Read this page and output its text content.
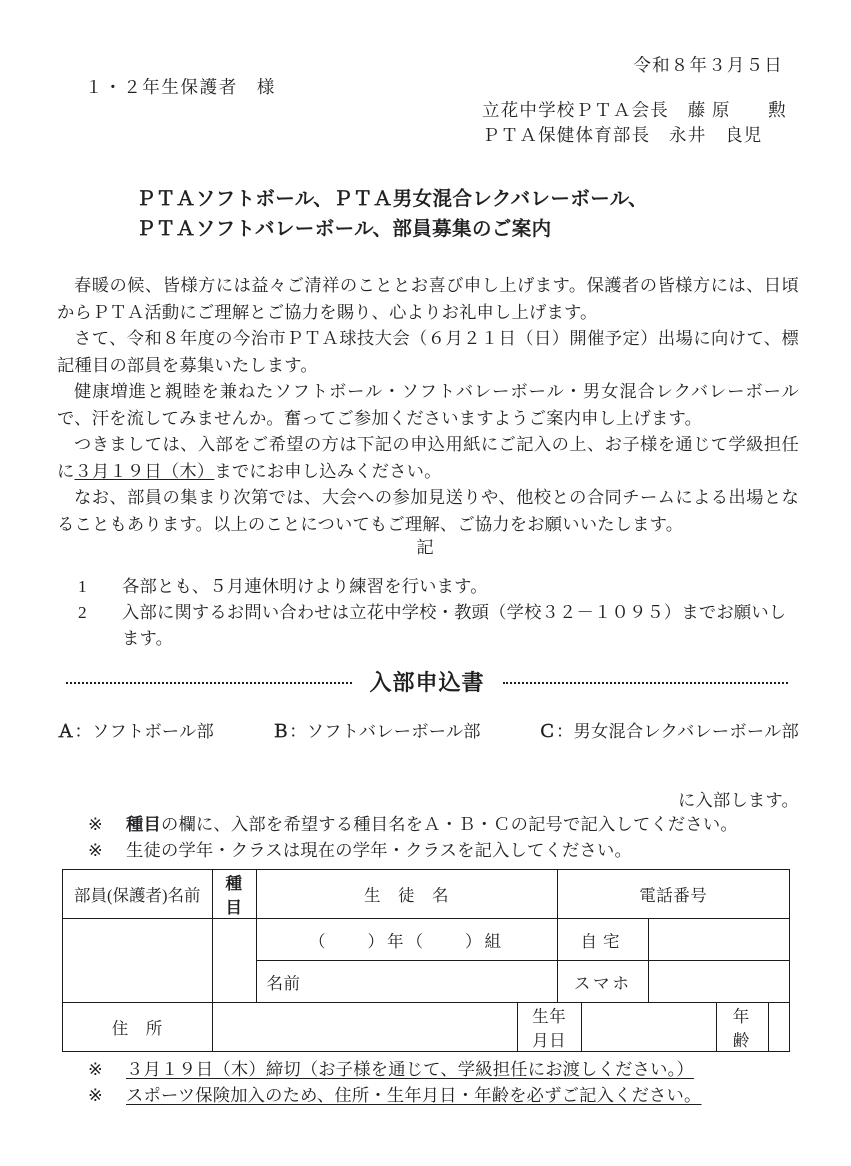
令和８年３月５日
１・２年生保護者　様
立花中学校ＰＴＡ会長　藤 原　　勲
ＰＴＡ保健体育部長　永井　良児
ＰＴＡソフトボール、ＰＴＡ男女混合レクバレーボール、
ＰＴＡソフトバレーボール、部員募集のご案内

春暖の候、皆様方には益々ご清祥のこととお喜び申し上げます。保護者の皆様方には、日頃からＰＴＡ活動にご理解とご協力を賜り、心よりお礼申し上げます。

さて、令和８年度の今治市ＰＴＡ球技大会（６月２１日（日）開催予定）出場に向けて、標記種目の部員を募集いたします。

健康増進と親睦を兼ねたソフトボール・ソフトバレーボール・男女混合レクバレーボールで、汗を流してみませんか。奮ってご参加くださいますようご案内申し上げます。

つきましては、入部をご希望の方は下記の申込用紙にご記入の上、お子様を通じて学級担任に３月１９日（木）までにお申し込みください。

なお、部員の集まり次第では、大会への参加見送りや、他校との合同チームによる出場となることもあります。以上のことについてもご理解、ご協力をお願いいたします。

記
1	各部とも、５月連休明けより練習を行います。
2	入部に関するお問い合わせは立花中学校・教頭（学校３２－１０９５）までお願いします。
入部申込書
Ａ：ソフトボール部	Ｂ：ソフトバレーボール部	Ｃ：男女混合レクバレーボール部
に入部します。
※	種目の欄に、入部を希望する種目名をＡ・Ｂ・Ｃの記号で記入してください。
※	生徒の学年・クラスは現在の学年・クラスを記入してください。
部員(保護者)名前	種目	生　徒　名		電話番号				
		（　　）年（　　）組		自宅				
		名前		スマホ				
住　所			生年月日				年齢	
※	３月１９日（木）締切（お子様を通じて、学級担任にお渡しください。）
※	スポーツ保険加入のため、住所・生年月日・年齢を必ずご記入ください。
